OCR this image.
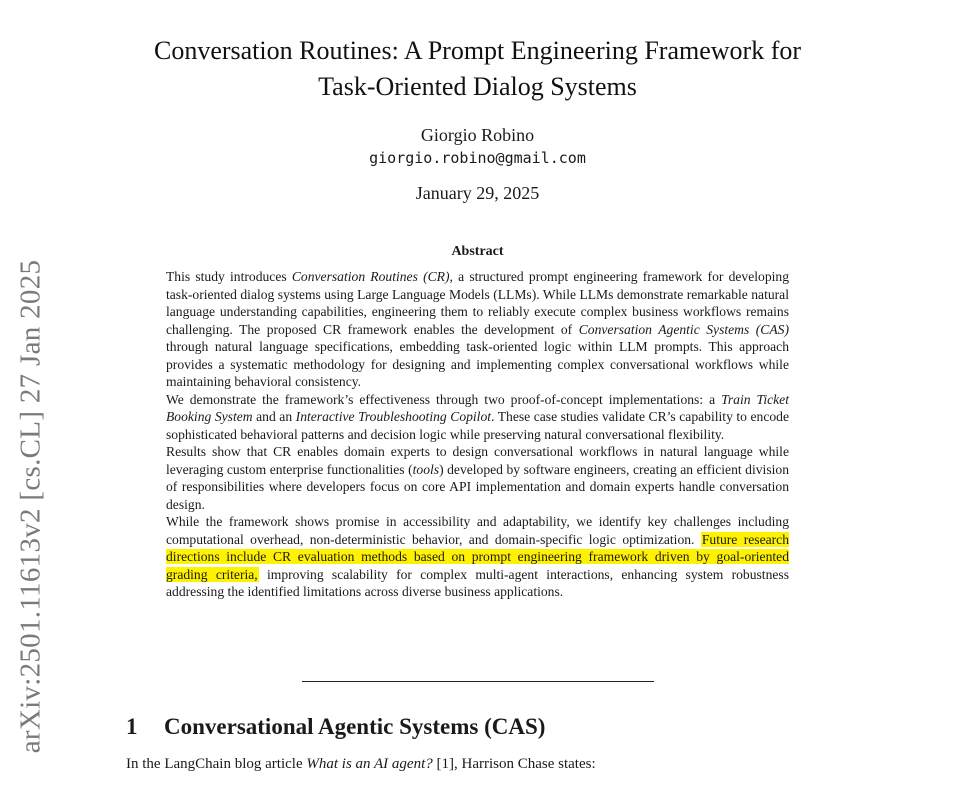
arXiv:2501.11613v2 [cs.CL] 27 Jan 2025
Conversation Routines: A Prompt Engineering Framework for
Task-Oriented Dialog Systems
Giorgio Robino
giorgio.robino@gmail.com
January 29, 2025
Abstract

This study introduces Conversation Routines (CR), a structured prompt engineering framework for developing task-oriented dialog systems using Large Language Models (LLMs). While LLMs demonstrate remarkable natural language understanding capabilities, engineering them to reliably execute complex business workflows remains challenging. The proposed CR framework enables the development of Conversation Agentic Systems (CAS) through natural language specifications, embedding task-oriented logic within LLM prompts. This approach provides a systematic methodology for designing and implementing complex conversational workflows while maintaining behavioral consistency.

We demonstrate the framework’s effectiveness through two proof-of-concept implementations: a Train Ticket Booking System and an Interactive Troubleshooting Copilot. These case studies validate CR’s capability to encode sophisticated behavioral patterns and decision logic while preserving natural conversational flexibility.

Results show that CR enables domain experts to design conversational workflows in natural language while leveraging custom enterprise functionalities (tools) developed by software engineers, creating an efficient division of responsibilities where developers focus on core API implementation and domain experts handle conversation design.

While the framework shows promise in accessibility and adaptability, we identify key challenges including computational overhead, non-deterministic behavior, and domain-specific logic optimization. Future research directions include CR evaluation methods based on prompt engineering framework driven by goal-oriented grading criteria, improving scalability for complex multi-agent interactions, enhancing system robustness addressing the identified limitations across diverse business applications.

1 Conversational Agentic Systems (CAS)
In the LangChain blog article What is an AI agent? [1], Harrison Chase states:
